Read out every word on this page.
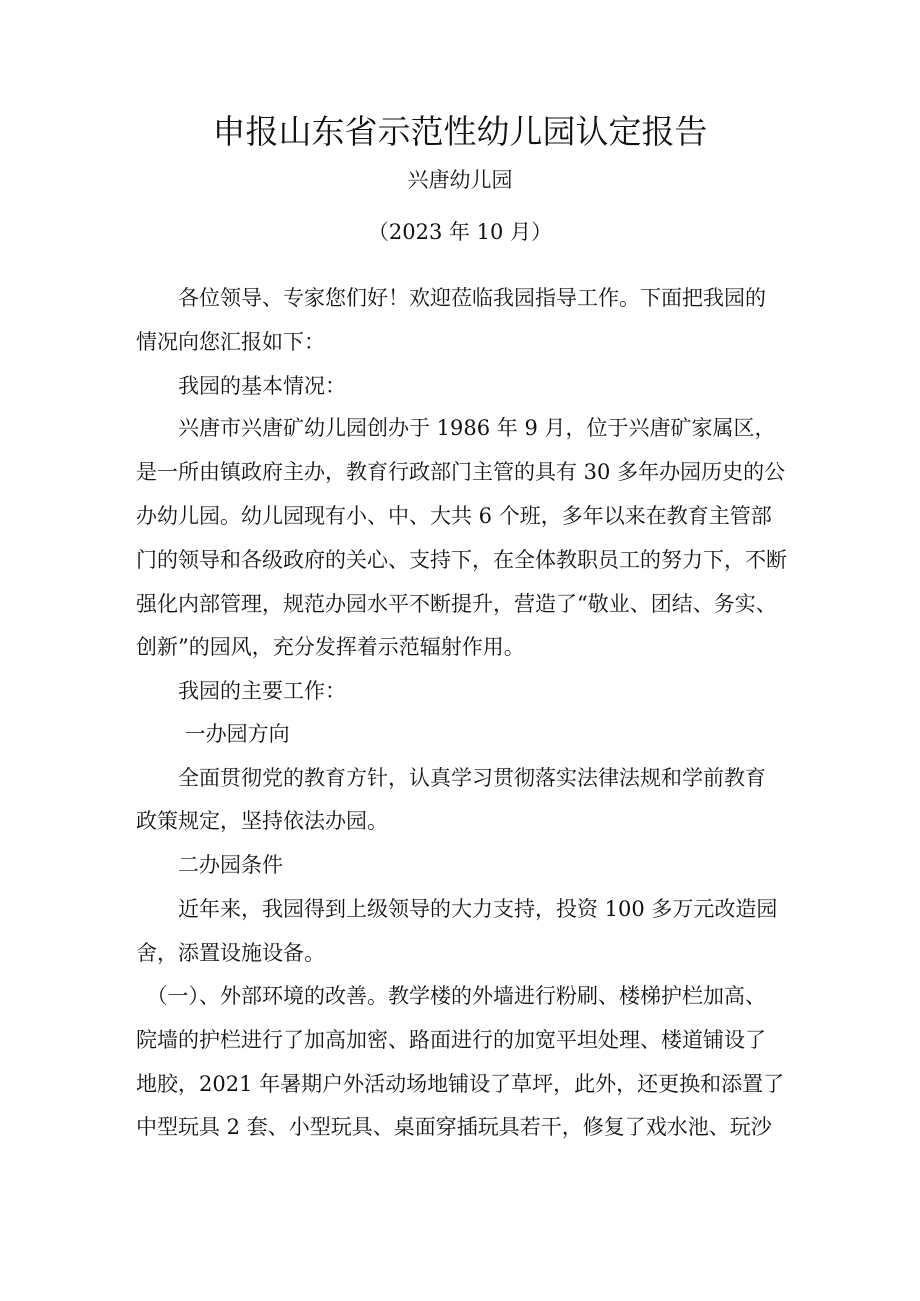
申报山东省示范性幼儿园认定报告
兴唐幼儿园
（2023 年 10 月）
　　各位领导、专家您们好！欢迎莅临我园指导工作。下面把我园的
情况向您汇报如下：
　　我园的基本情况：
　　兴唐市兴唐矿幼儿园创办于 1986 年 9 月，位于兴唐矿家属区，
是一所由镇政府主办，教育行政部门主管的具有 30 多年办园历史的公
办幼儿园。幼儿园现有小、中、大共 6 个班，多年以来在教育主管部
门的领导和各级政府的关心、支持下，在全体教职员工的努力下，不断
强化内部管理，规范办园水平不断提升，营造了“敬业、团结、务实、
创新”的园风，充分发挥着示范辐射作用。
　　我园的主要工作：
　　 一办园方向
　　全面贯彻党的教育方针，认真学习贯彻落实法律法规和学前教育
政策规定，坚持依法办园。
　　二办园条件
　　近年来，我园得到上级领导的大力支持，投资 100 多万元改造园
舍，添置设施设备。
　（一）、外部环境的改善。教学楼的外墙进行粉刷、楼梯护栏加高、
院墙的护栏进行了加高加密、路面进行的加宽平坦处理、楼道铺设了
地胶，2021 年暑期户外活动场地铺设了草坪，此外，还更换和添置了
中型玩具 2 套、小型玩具、桌面穿插玩具若干，修复了戏水池、玩沙
